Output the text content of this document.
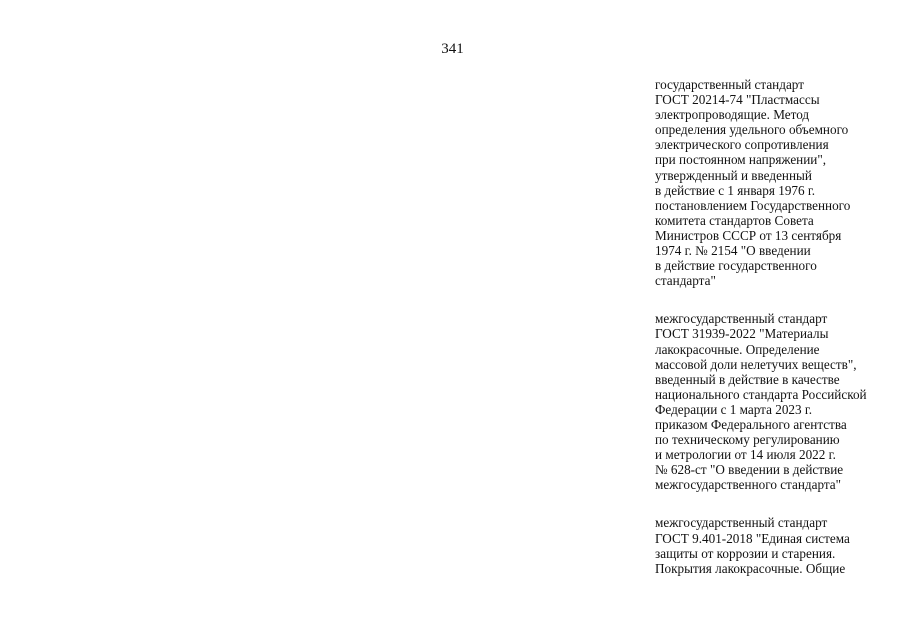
341
государственный стандарт
ГОСТ 20214-74 "Пластмассы
электропроводящие. Метод
определения удельного объемного
электрического сопротивления
при постоянном напряжении",
утвержденный и введенный
в действие с 1 января 1976 г.
постановлением Государственного
комитета стандартов Совета
Министров СССР от 13 сентября
1974 г. № 2154 "О введении
в действие государственного
стандарта"
межгосударственный стандарт
ГОСТ 31939-2022 "Материалы
лакокрасочные. Определение
массовой доли нелетучих веществ",
введенный в действие в качестве
национального стандарта Российской
Федерации с 1 марта 2023 г.
приказом Федерального агентства
по техническому регулированию
и метрологии от 14 июля 2022 г.
№ 628-ст "О введении в действие
межгосударственного стандарта"
межгосударственный стандарт
ГОСТ 9.401-2018 "Единая система
защиты от коррозии и старения.
Покрытия лакокрасочные. Общие
